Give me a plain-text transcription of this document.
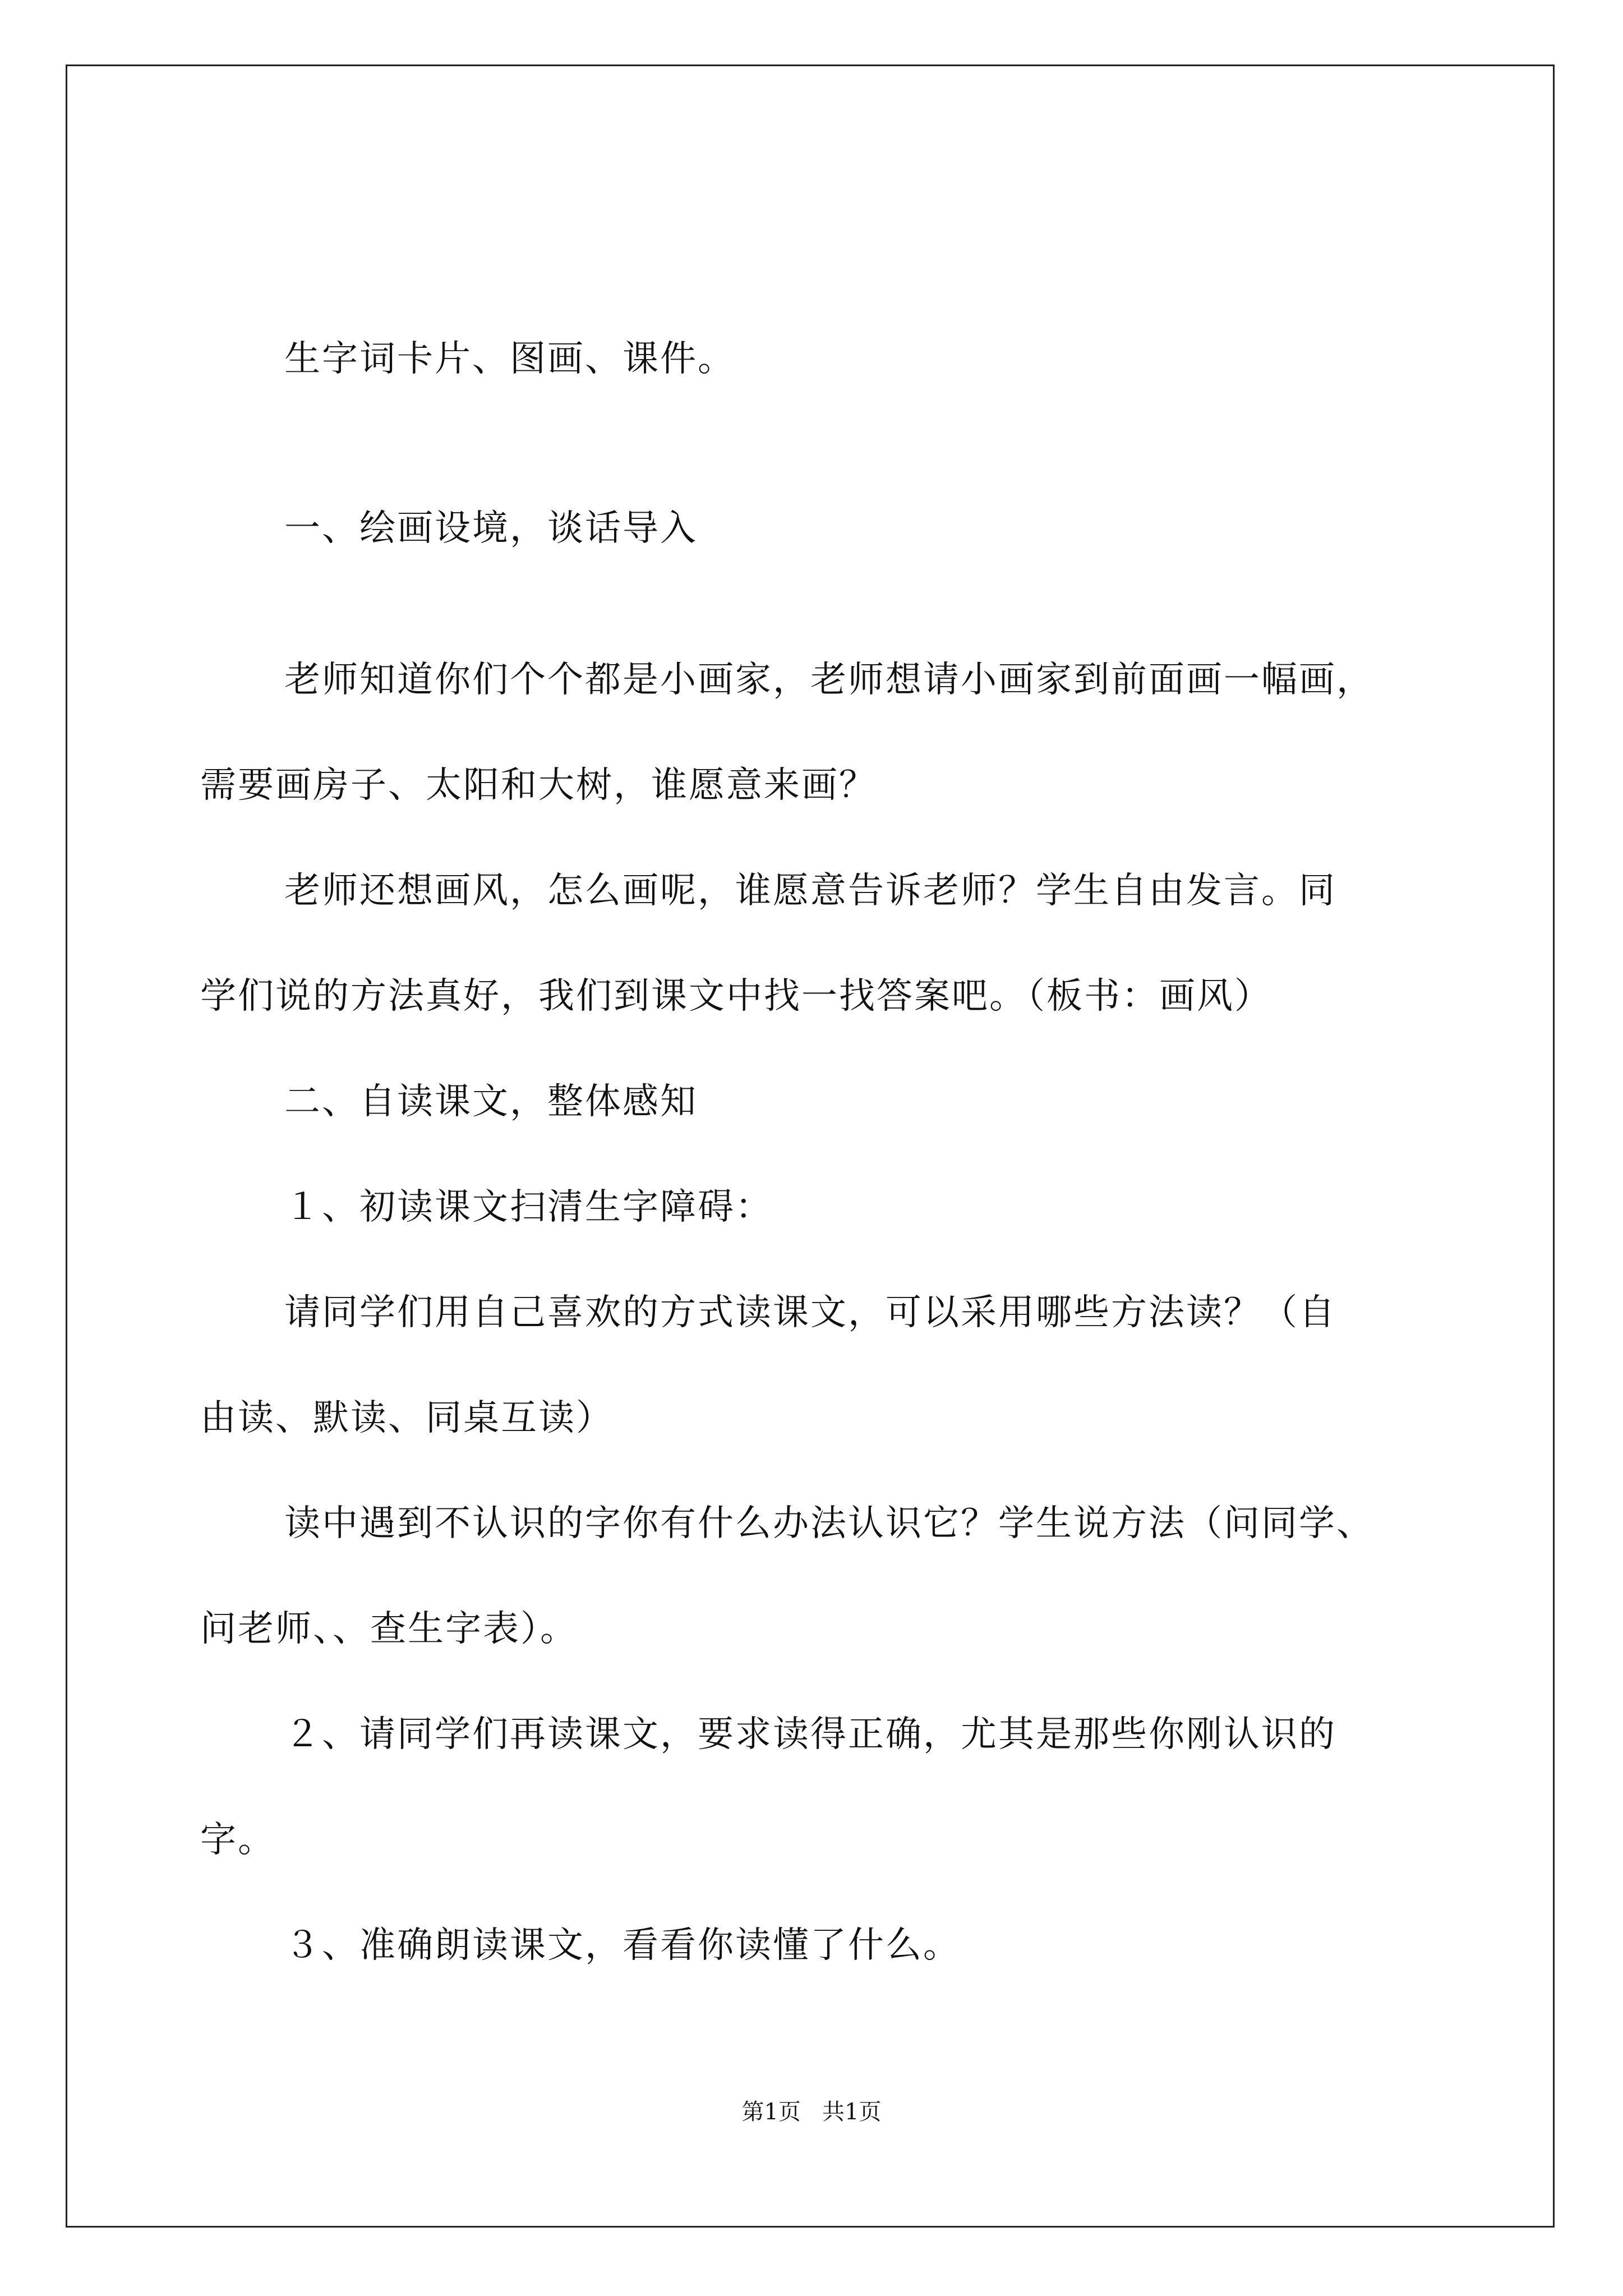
生字词卡片、图画、课件。
一、绘画设境，谈话导入
老师知道你们个个都是小画家，老师想请小画家到前面画一幅画，
需要画房子、太阳和大树，谁愿意来画？
老师还想画风，怎么画呢，谁愿意告诉老师？学生自由发言。同
学们说的方法真好，我们到课文中找一找答案吧。（板书：画风）
二、自读课文，整体感知
１、初读课文扫清生字障碍：
请同学们用自己喜欢的方式读课文，可以采用哪些方法读？（自
由读、默读、同桌互读）
读中遇到不认识的字你有什么办法认识它？学生说方法（问同学、
问老师、、查生字表）。
２、请同学们再读课文，要求读得正确，尤其是那些你刚认识的
字。
３、准确朗读课文，看看你读懂了什么。
第1页   共1页
